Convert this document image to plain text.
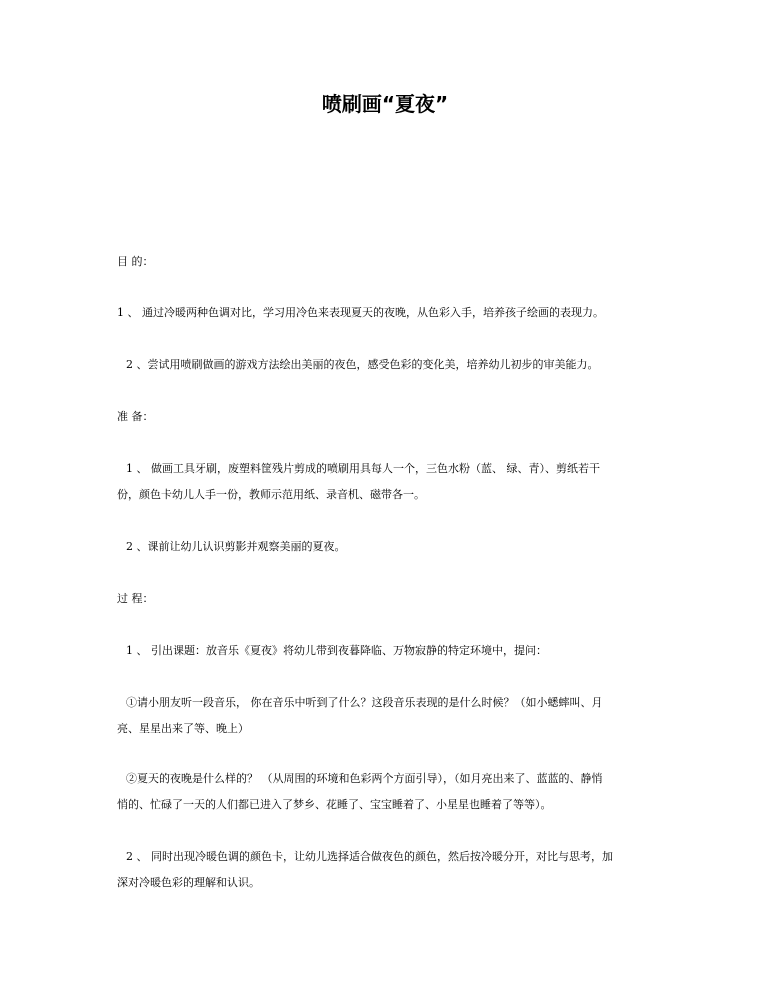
喷刷画“夏夜”
目 的：
1 、 通过冷暖两种色调对比，学习用冷色来表现夏天的夜晚，从色彩入手，培养孩子绘画的表现力。
2 、尝试用喷刷做画的游戏方法绘出美丽的夜色，感受色彩的变化美，培养幼儿初步的审美能力。
准 备：
1 、 做画工具牙刷，废塑料筐残片剪成的喷刷用具每人一个，三色水粉（蓝、 绿、青）、剪纸若干
份，颜色卡幼儿人手一份，教师示范用纸、录音机、磁带各一。
2 、课前让幼儿认识剪影并观察美丽的夏夜。
过 程：
1 、 引出课题：放音乐《夏夜》将幼儿带到夜暮降临、万物寂静的特定环境中，提问：
①请小朋友听一段音乐， 你在音乐中听到了什么？这段音乐表现的是什么时候？（如小蟋蟀叫、月
亮、星星出来了等、晚上）
②夏天的夜晚是什么样的？ （从周围的环境和色彩两个方面引导），（如月亮出来了、蓝蓝的、静悄
悄的、忙碌了一天的人们都已进入了梦乡、花睡了、宝宝睡着了、小星星也睡着了等等）。
2 、 同时出现冷暖色调的颜色卡，让幼儿选择适合做夜色的颜色，然后按冷暖分开，对比与思考，加
深对冷暖色彩的理解和认识。
